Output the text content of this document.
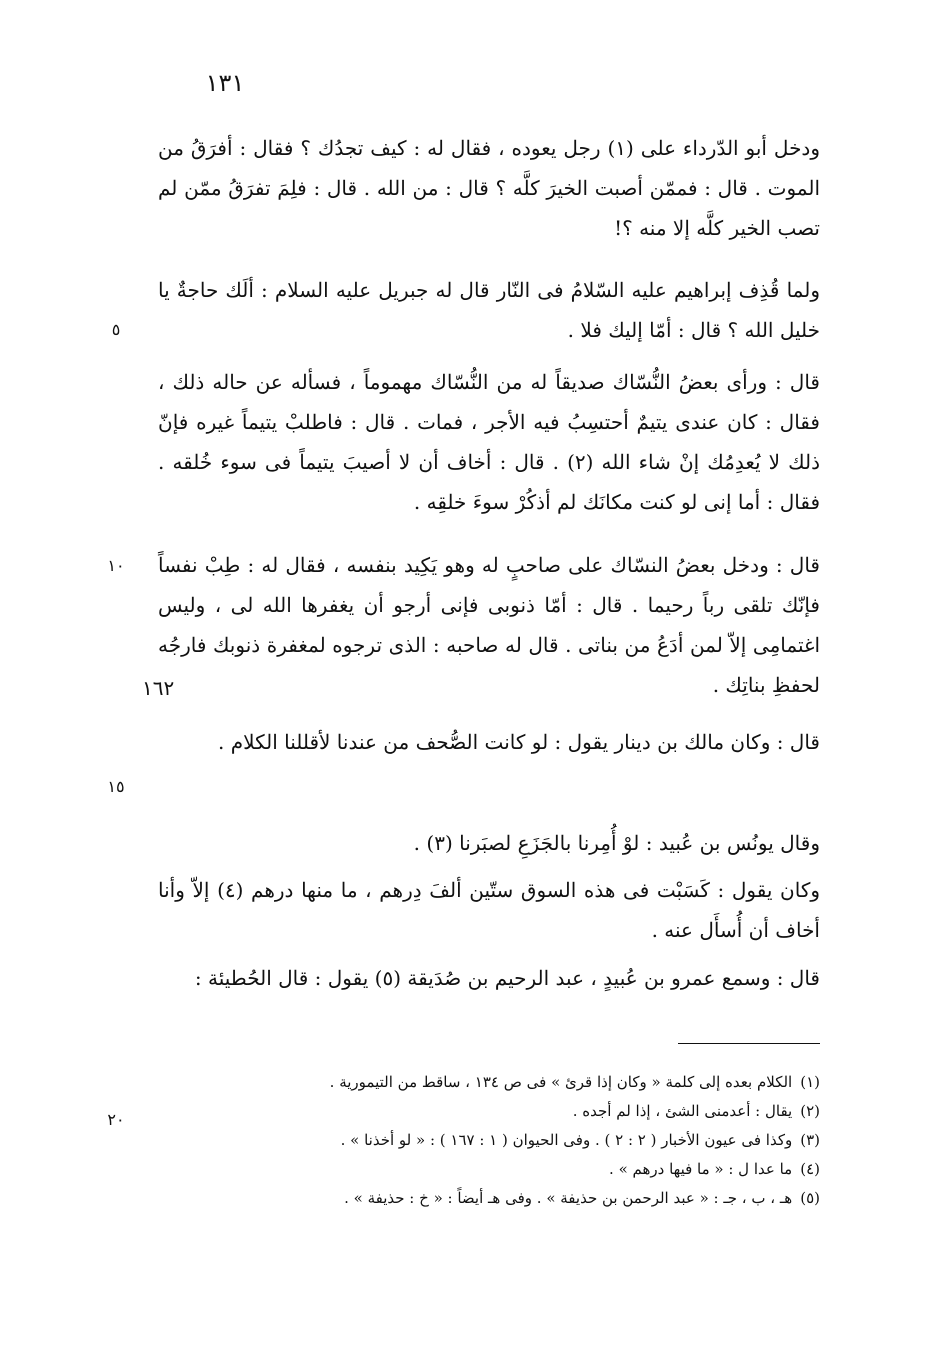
١٣١

ودخل أبو الدّرداء على (١) رجل يعوده ، فقال له : كيف تجدُك ؟ فقال : أفرَقُ من الموت . قال : فممّن أصبت الخيرَ كلَّه ؟ قال : من الله . قال : فلِمَ تفرَقُ ممّن لم تصب الخير كلَّه إلا منه ؟!

ولما قُذِف إبراهيم عليه السّلامُ فى النّار قال له جبريل عليه السلام : ألَك حاجةٌ يا خليل الله ؟ قال : أمّا إليك فلا .

قال : ورأى بعضُ النُّسّاك صديقاً له من النُّسّاك مهموماً ، فسأله عن حاله ذلك ، فقال : كان عندى يتيمٌ أحتسِبُ فيه الأجر ، فمات . قال : فاطلبْ يتيماً غيره فإنّ ذلك لا يُعدِمُك إنْ شاء الله (٢) . قال : أخاف أن لا أصيبَ يتيماً فى سوء خُلقه . فقال : أما إنى لو كنت مكانَك لم أذكُرْ سوءَ خلقِه .

قال : ودخل بعضُ النسّاك على صاحبٍ له وهو يَكِيد بنفسه ، فقال له : طِبْ نفساً فإنّك تلقى رباً رحيما . قال : أمّا ذنوبى فإنى أرجو أن يغفرها الله لى ، وليس اغتمامِى إلاّ لمن أدَعُ من بناتى . قال له صاحبه : الذى ترجوه لمغفرة ذنوبك فارجُه لحفظِ بناتِك .

قال : وكان مالك بن دينار يقول : لو كانت الصُّحف من عندنا لأقللنا الكلام .

وقال يونُس بن عُبيد : لوْ أُمِرنا بالجَزَعِ لصبَرنا (٣) .

وكان يقول : كَسَبْت فى هذه السوق ستّين ألفَ دِرهم ، ما منها درهم (٤) إلاّ وأنا أخاف أن أُسأَل عنه .

قال : وسمع عمرو بن عُبيدٍ ، عبد الرحيم بن صُدَيقة (٥) يقول : قال الحُطيئة :

٥
١٠
١٥
٢٠
١٦٢
(١)الكلام بعده إلى كلمة « وكان إذا قرئ » فى ص ١٣٤ ، ساقط من التيمورية .
(٢)يقال : أعدمنى الشئ ، إذا لم أجده .
(٣)وكذا فى عيون الأخبار ( ٢ : ٢ ) . وفى الحيوان ( ١ : ١٦٧ ) : « لو أخذنا » .
(٤)ما عدا ل : « ما فيها درهم » .
(٥)هـ ، ب ، جـ : « عبد الرحمن بن حذيفة » . وفى هـ أيضاً : « خ : حذيفة » .
